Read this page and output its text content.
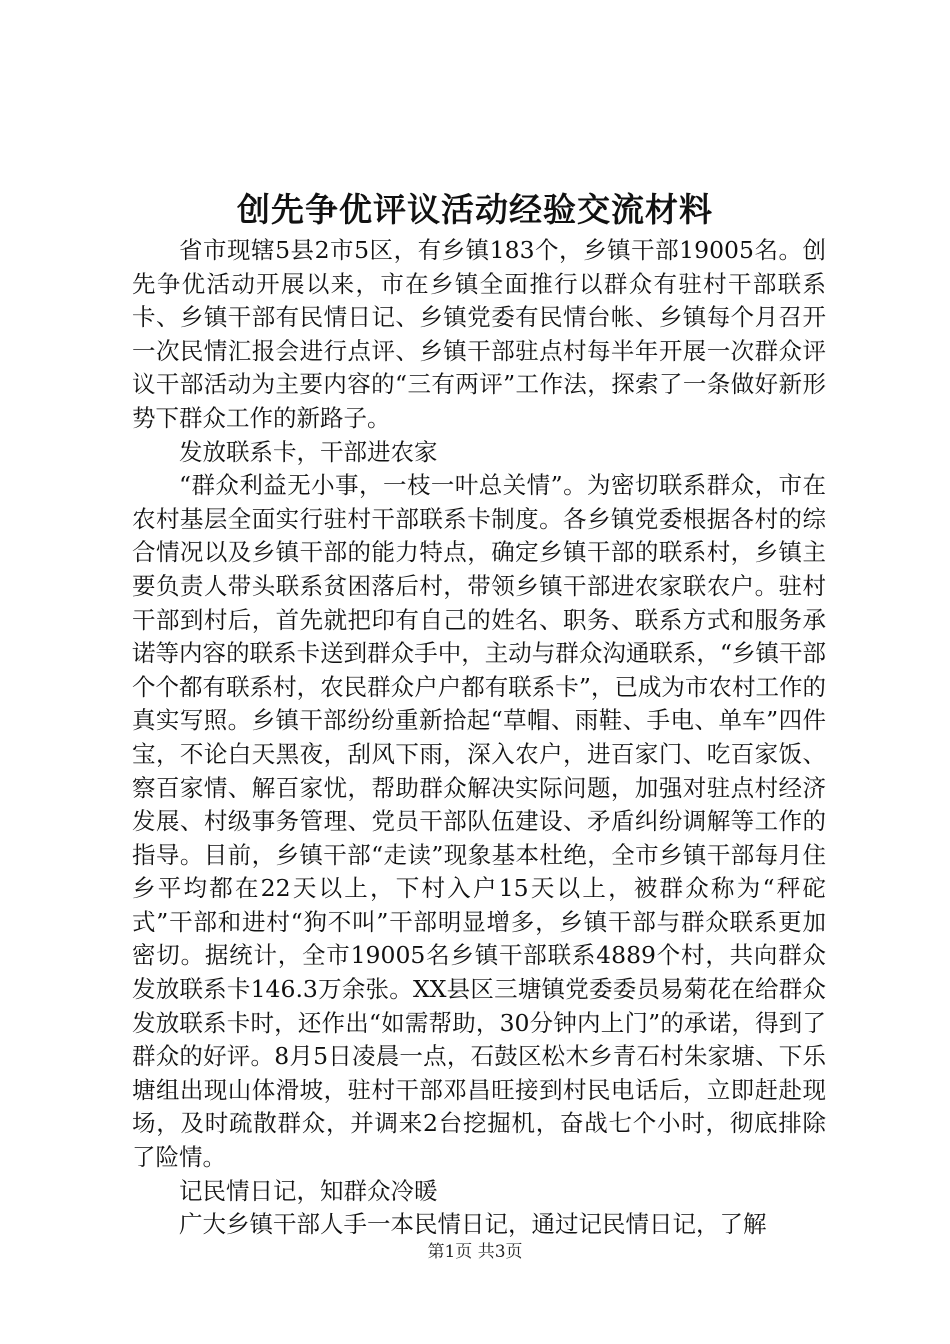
创先争优评议活动经验交流材料

省市现辖5县2市5区，有乡镇183个，乡镇干部19005名。创先争优活动开展以来，市在乡镇全面推行以群众有驻村干部联系卡、乡镇干部有民情日记、乡镇党委有民情台帐、乡镇每个月召开一次民情汇报会进行点评、乡镇干部驻点村每半年开展一次群众评议干部活动为主要内容的“三有两评”工作法，探索了一条做好新形势下群众工作的新路子。

发放联系卡，干部进农家

“群众利益无小事，一枝一叶总关情”。为密切联系群众，市在农村基层全面实行驻村干部联系卡制度。各乡镇党委根据各村的综合情况以及乡镇干部的能力特点，确定乡镇干部的联系村，乡镇主要负责人带头联系贫困落后村，带领乡镇干部进农家联农户。驻村干部到村后，首先就把印有自己的姓名、职务、联系方式和服务承诺等内容的联系卡送到群众手中，主动与群众沟通联系，“乡镇干部个个都有联系村，农民群众户户都有联系卡”，已成为市农村工作的真实写照。乡镇干部纷纷重新拾起“草帽、雨鞋、手电、单车”四件宝，不论白天黑夜，刮风下雨，深入农户，进百家门、吃百家饭、察百家情、解百家忧，帮助群众解决实际问题，加强对驻点村经济发展、村级事务管理、党员干部队伍建设、矛盾纠纷调解等工作的指导。目前，乡镇干部“走读”现象基本杜绝，全市乡镇干部每月住乡平均都在22天以上，下村入户15天以上，被群众称为“秤砣式”干部和进村“狗不叫”干部明显增多，乡镇干部与群众联系更加密切。据统计，全市19005名乡镇干部联系4889个村，共向群众发放联系卡146.3万余张。XX县区三塘镇党委委员易菊花在给群众发放联系卡时，还作出“如需帮助，30分钟内上门”的承诺，得到了群众的好评。8月5日凌晨一点，石鼓区松木乡青石村朱家塘、下乐塘组出现山体滑坡，驻村干部邓昌旺接到村民电话后，立即赶赴现场，及时疏散群众，并调来2台挖掘机，奋战七个小时，彻底排除了险情。

记民情日记，知群众冷暖

广大乡镇干部人手一本民情日记，通过记民情日记，了解

第1页 共3页
